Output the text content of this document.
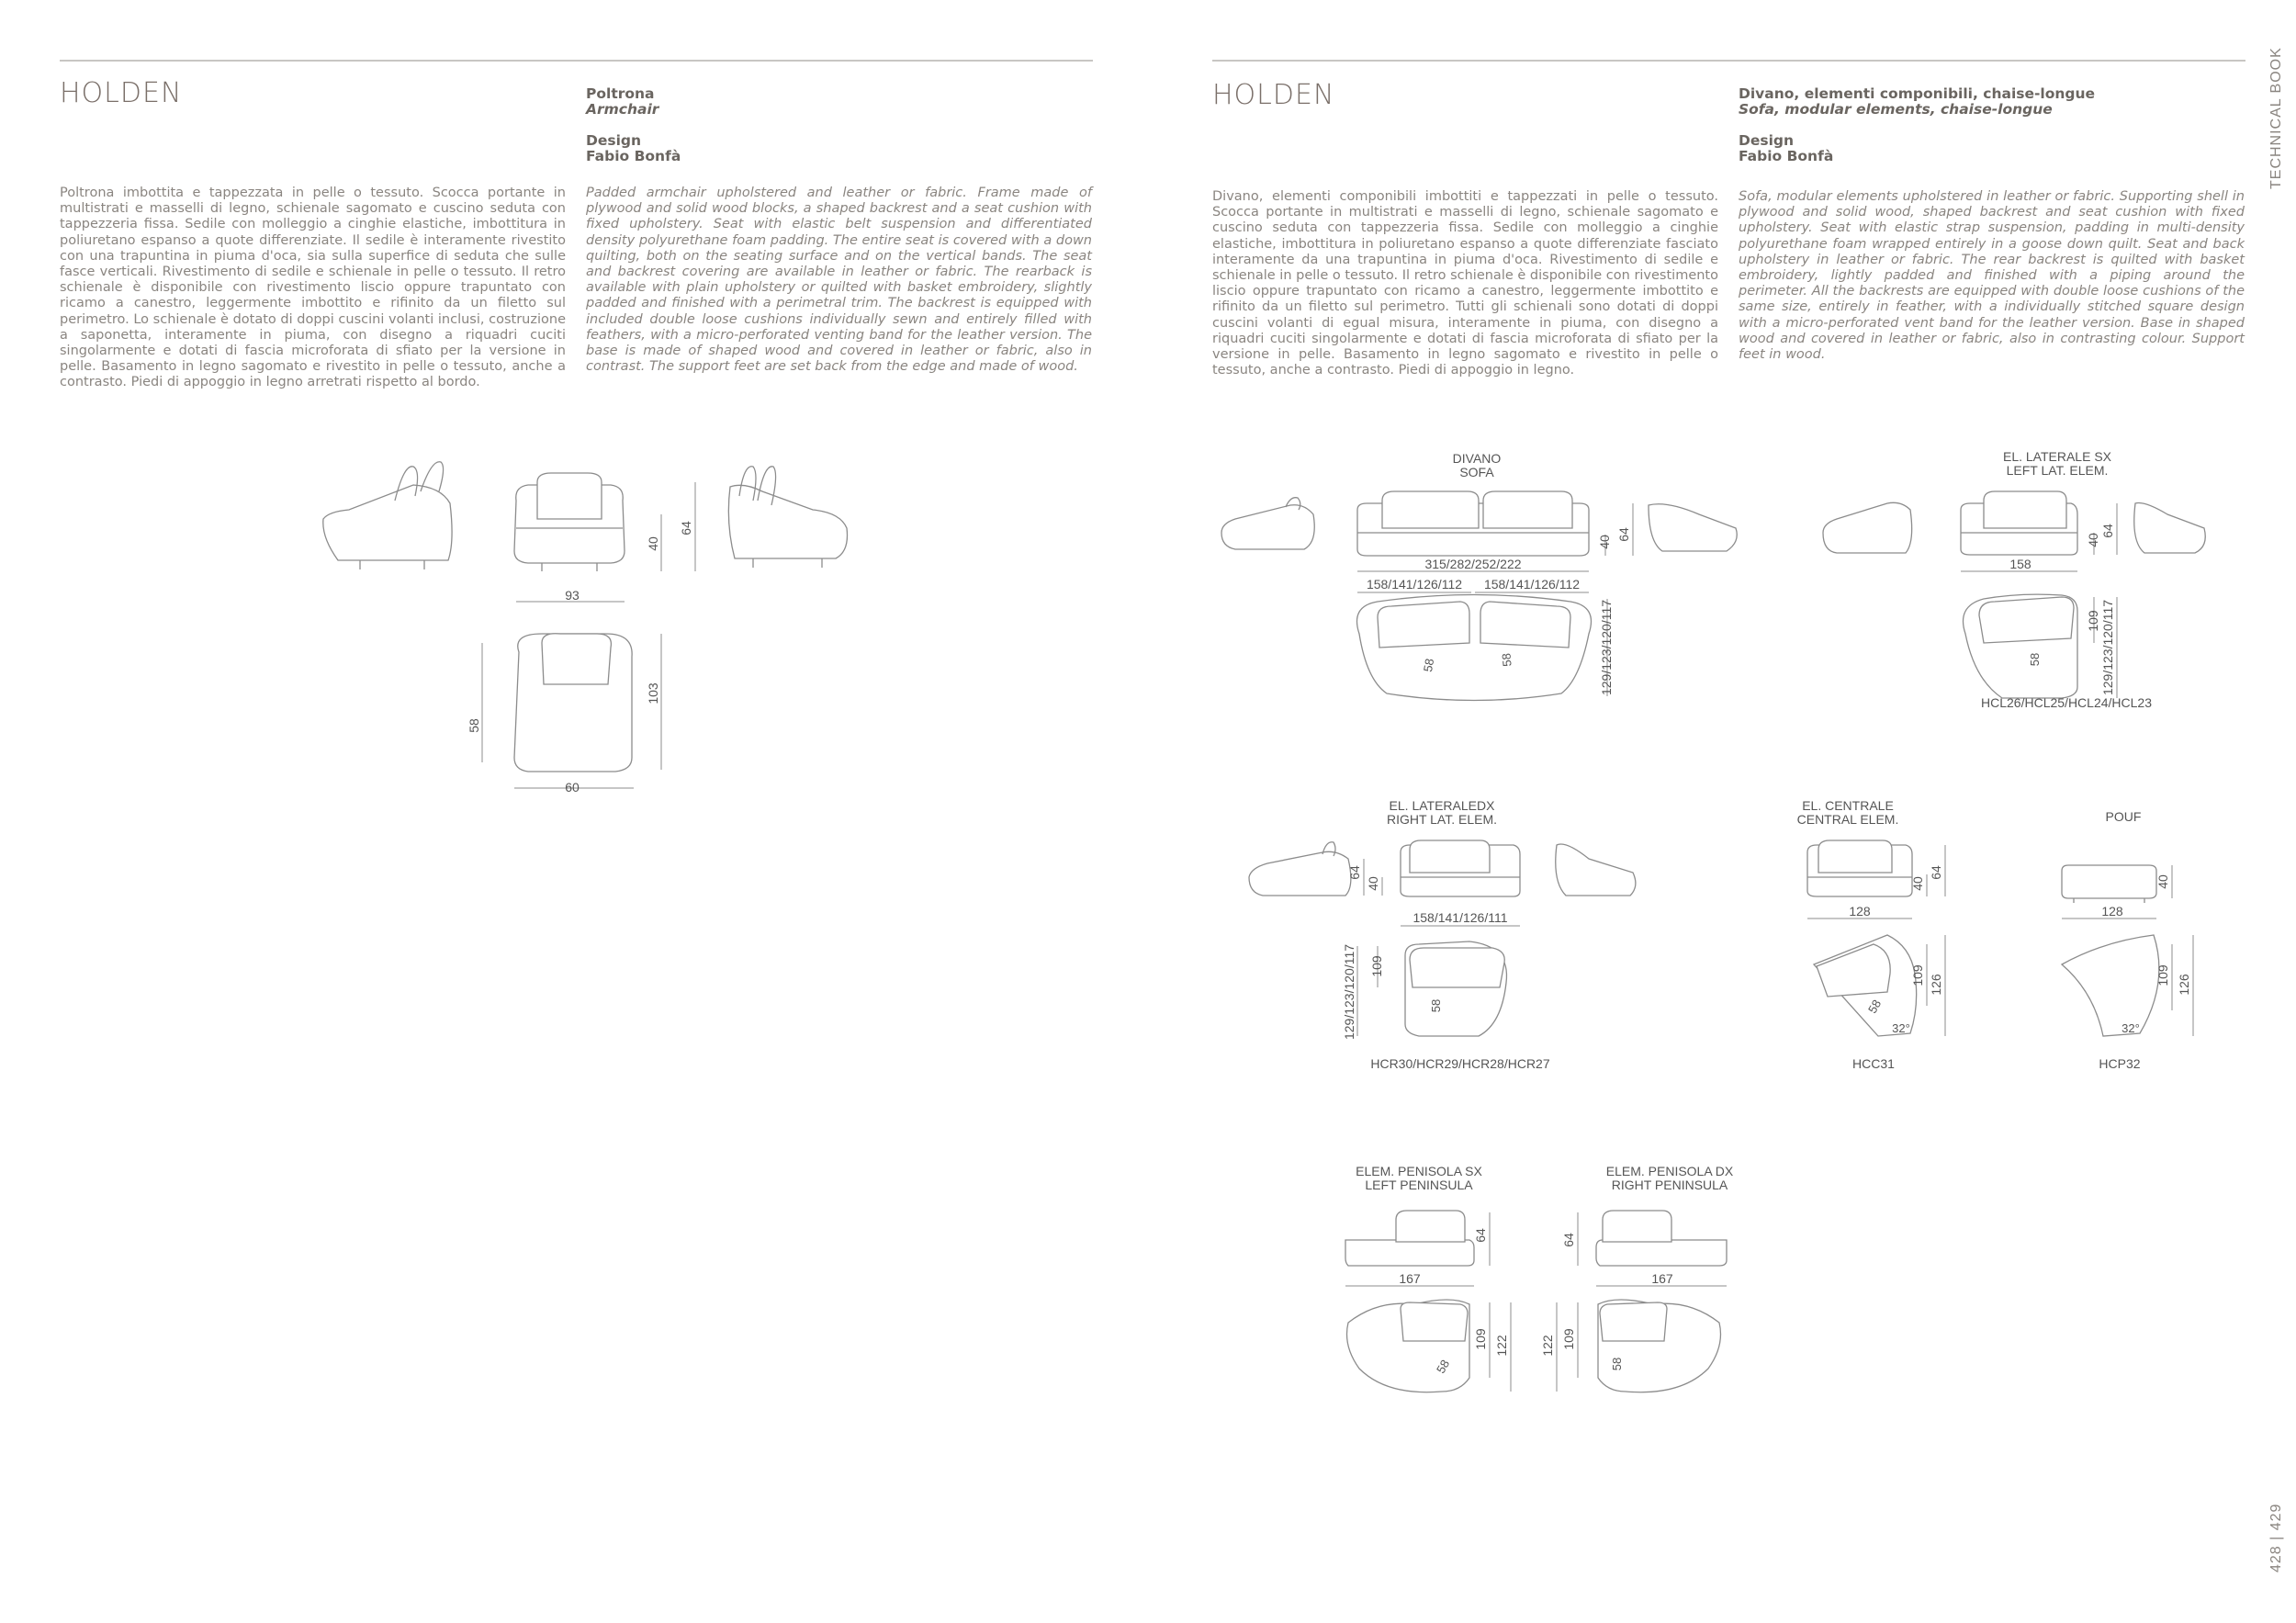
HOLDEN	Poltrona
Armchair
Design
Fabio Bonfà
Poltrona imbottita e tappezzata in pelle o tessuto. Scocca portante in multistrati e masselli di legno, schienale sagomato e cuscino seduta con tappezzeria fissa. Sedile con molleggio a cinghie elastiche, imbottitura in poliuretano espanso a quote differenziate. Il sedile è interamente rivestito con una trapuntina in piuma d'oca, sia sulla superfice di seduta che sulle fasce verticali. Rivestimento di sedile e schienale in pelle o tessuto. Il retro schienale è disponibile con rivestimento liscio oppure trapuntato con ricamo a canestro, leggermente imbottito e rifinito da un filetto sul perimetro. Lo schienale è dotato di doppi cuscini volanti inclusi, costruzione a saponetta, interamente in piuma, con disegno a riquadri cuciti singolarmente e dotati di fascia microforata di sfiato per la versione in pelle. Basamento in legno sagomato e rivestito in pelle o tessuto, anche a contrasto. Piedi di appoggio in legno arretrati rispetto al bordo.
Padded armchair upholstered and leather or fabric. Frame made of plywood and solid wood blocks, a shaped backrest and a seat cushion with fixed upholstery. Seat with elastic belt suspension and differentiated density polyurethane foam padding. The entire seat is covered with a down quilting, both on the seating surface and on the vertical bands. The seat and backrest covering are available in leather or fabric. The rearback is available with plain upholstery or quilted with basket embroidery, slightly padded and finished with a perimetral trim. The backrest is equipped with included double loose cushions individually sewn and entirely filled with feathers, with a micro-perforated venting band for the leather version. The base is made of shaped wood and covered in leather or fabric, also in contrast. The support feet are set back from the edge and made of wood.
HOLDEN	Divano, elementi componibili, chaise-longue
Sofa, modular elements, chaise-longue
Design
Fabio Bonfà
Divano, elementi componibili imbottiti e tappezzati in pelle o tessuto. Scocca portante in multistrati e masselli di legno, schienale sagomato e cuscino seduta con tappezzeria fissa. Sedile con molleggio a cinghie elastiche, imbottitura in poliuretano espanso a quote differenziate fasciato interamente da una trapuntina in piuma d'oca. Rivestimento di sedile e schienale in pelle o tessuto. Il retro schienale è disponibile con rivestimento liscio oppure trapuntato con ricamo a canestro, leggermente imbottito e rifinito da un filetto sul perimetro. Tutti gli schienali sono dotati di doppi cuscini volanti di egual misura, interamente in piuma, con disegno a riquadri cuciti singolarmente e dotati di fascia microforata di sfiato per la versione in pelle. Basamento in legno sagomato e rivestito in pelle o tessuto, anche a contrasto. Piedi di appoggio in legno.
Sofa, modular elements upholstered in leather or fabric. Supporting shell in plywood and solid wood, shaped backrest and seat cushion with fixed upholstery. Seat with elastic strap suspension, padding in multi-density polyurethane foam wrapped entirely in a goose down quilt. Seat and back upholstery in leather or fabric. The rear backrest is quilted with basket embroidery, lightly padded and finished with a piping around the perimeter. All the backrests are equipped with double loose cushions of the same size, entirely in feather, with a individually stitched square design with a micro-perforated vent band for the leather version. Base in shaped wood and covered in leather or fabric, also in contrasting colour. Support feet in wood.
TECHNICAL BOOK
428 | 429
93
40
64
60
58
103
DIVANO
SOFA
315/282/252/222
40
64
158/141/126/112 158/141/126/112
58	58	129/123/120/117
EL. LATERALE SX
LEFT LAT. ELEM.
158
40
64
58
109 129/123/120/117
HCL26/HCL25/HCL24/HCL23
EL. LATERALEDX
RIGHT LAT. ELEM.
64
40
158/141/126/111
129/123/120/117 109
58
HCR30/HCR29/HCR28/HCR27
EL. CENTRALE
CENTRAL ELEM.
128
40
64
58
32°
109 126
HCC31
POUF
128
40
32°
109 126
HCP32
ELEM. PENISOLA SX
LEFT PENINSULA
167
64
58
109 122
ELEM. PENISOLA DX
RIGHT PENINSULA
64
167
122 109
58
